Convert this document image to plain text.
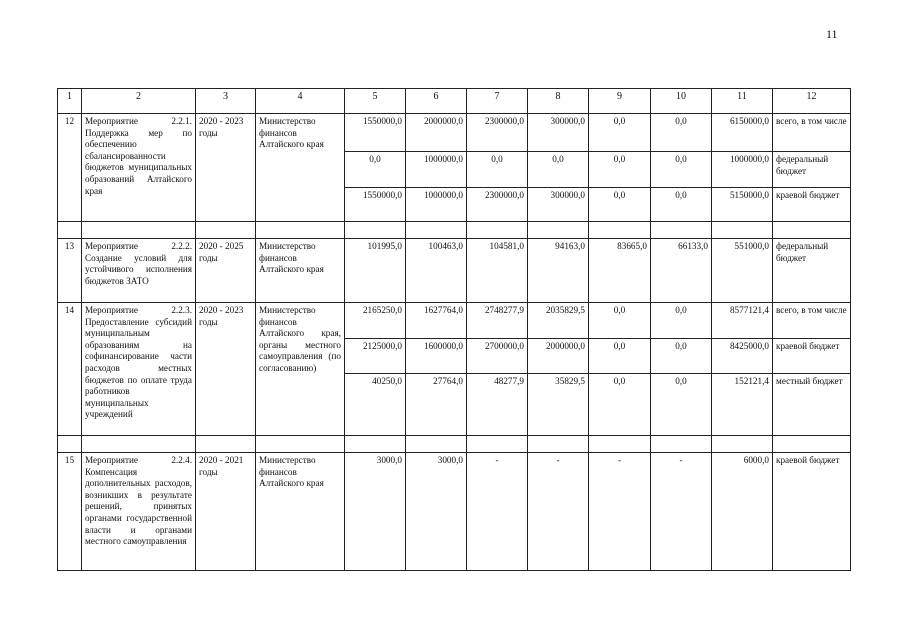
11
1	2	3	4	5	6	7	8	9	10	11	12
12	Мероприятие 2.2.1. Поддержка мер по обеспечению сбалансированности бюджетов муниципальных образований Алтайского края	2020 - 2023 годы	Министерство финансов Алтайского края	1550000,0	2000000,0	2300000,0	300000,0	0,0	0,0	6150000,0	всего, в том числе
				0,0	1000000,0	0,0	0,0	0,0	0,0	1000000,0	федеральный бюджет
				1550000,0	1000000,0	2300000,0	300000,0	0,0	0,0	5150000,0	краевой бюджет

13	Мероприятие 2.2.2. Создание условий для устойчивого исполнения бюджетов ЗАТО	2020 - 2025 годы	Министерство финансов Алтайского края	101995,0	100463,0	104581,0	94163,0	83665,0	66133,0	551000,0	федеральный бюджет
14	Мероприятие 2.2.3. Предоставление субсидий муниципальным образованиям на софинансирование части расходов местных бюджетов по оплате труда работников муниципальных учреждений	2020 - 2023 годы	Министерство финансов Алтайского края, органы местного самоуправления (по согласованию)	2165250,0	1627764,0	2748277,9	2035829,5	0,0	0,0	8577121,4	всего, в том числе
				2125000,0	1600000,0	2700000,0	2000000,0	0,0	0,0	8425000,0	краевой бюджет
				40250,0	27764,0	48277,9	35829,5	0,0	0,0	152121,4	местный бюджет

15	Мероприятие 2.2.4. Компенсация дополнительных расходов, возникших в результате решений, принятых органами государственной власти и органами местного самоуправления	2020 - 2021 годы	Министерство финансов Алтайского края	3000,0	3000,0	-	-	-	-	6000,0	краевой бюджет
